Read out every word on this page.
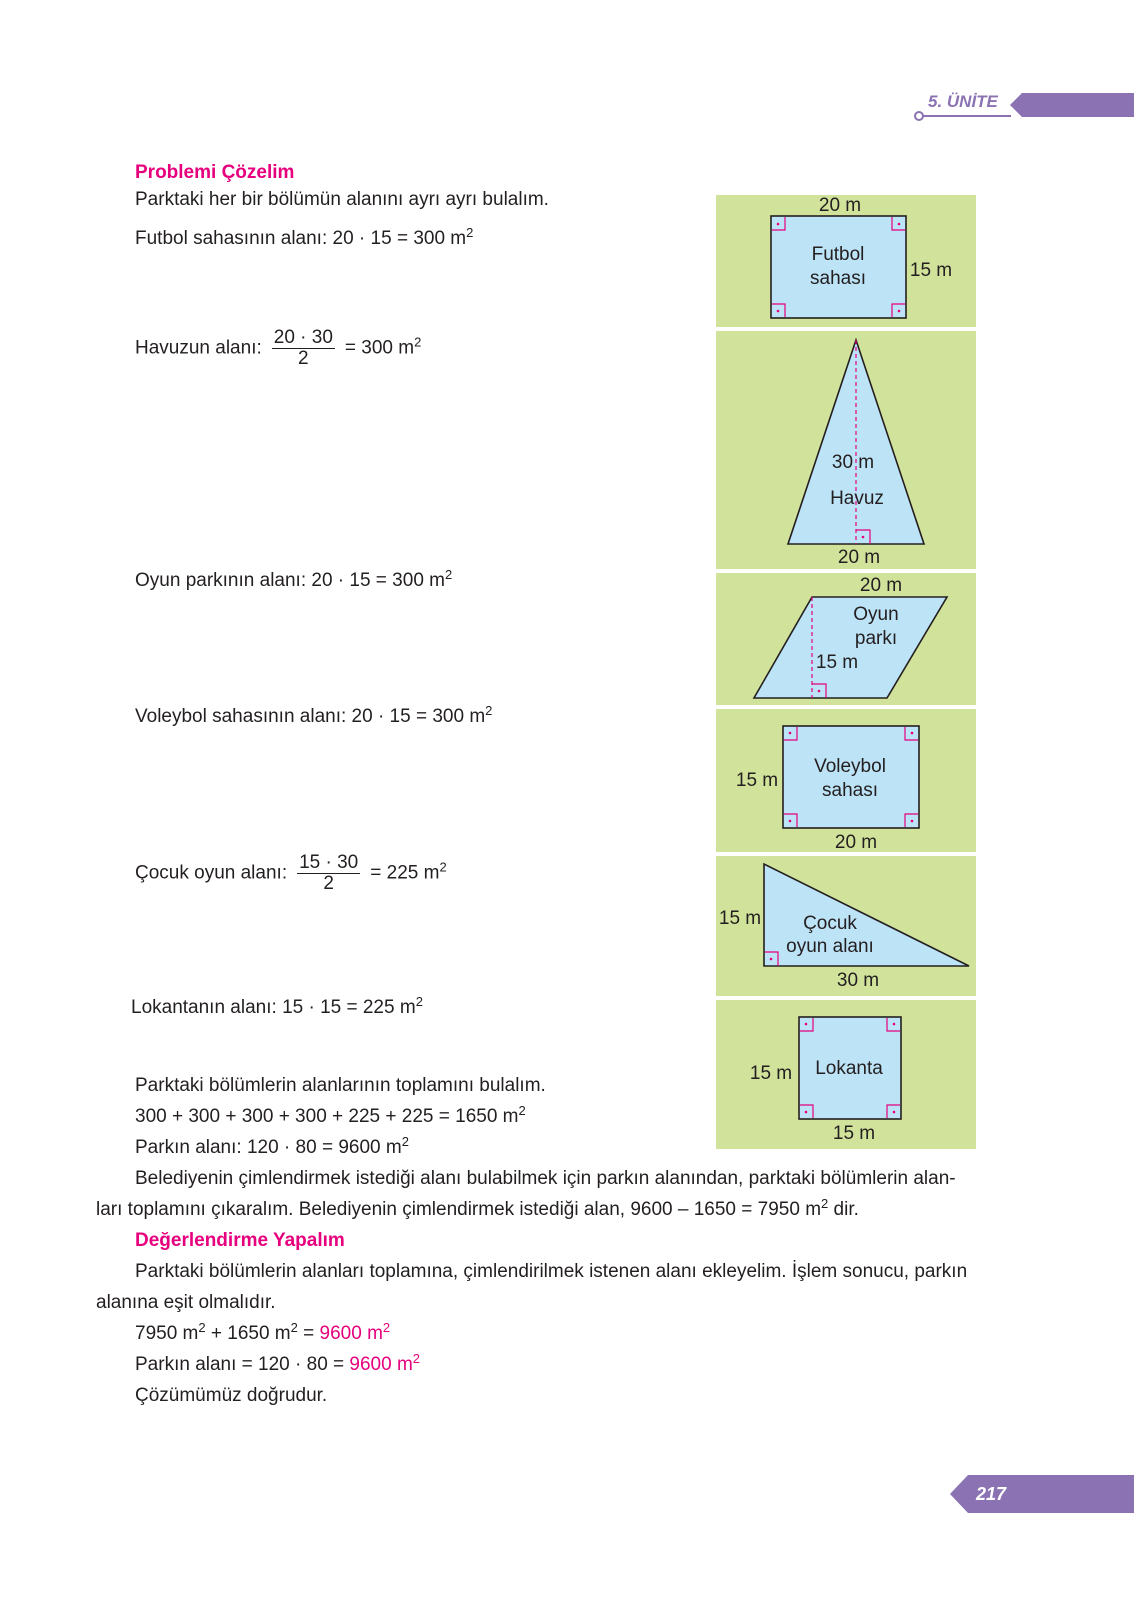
5. ÜNİTE
Problemi Çözelim
Parktaki her bir bölümün alanını ayrı ayrı bulalım.
Futbol sahasının alanı: 20 · 15 = 300 $m^2$
Havuzun alanı: $\frac{20 \cdot 30}{2} = 300$ $m^2$
Oyun parkının alanı: 20 · 15 = 300 $m^2$
Voleybol sahasının alanı: 20 · 15 = 300 $m^2$
Çocuk oyun alanı: $\frac{15 \cdot 30}{2} = 225$ $m^2$
Lokantanın alanı: 15 · 15 = 225 $m^2$
Parktaki bölümlerin alanlarının toplamını bulalım.
300 + 300 + 300 + 300 + 225 + 225 = 1650 $m^2$
Parkın alanı: 120 · 80 = 9600 $m^2$
Belediyenin çimlendirmek istediği alanı bulabilmek için parkın alanından, parktaki bölümlerin alan-
ları toplamını çıkaralım. Belediyenin çimlendirmek istediği alan, 9600 – 1650 = 7950 $m^2$ dir.
Değerlendirme Yapalım
Parktaki bölümlerin alanları toplamına, çimlendirilmek istenen alanı ekleyelim. İşlem sonucu, parkın
alanına eşit olmalıdır.
7950 $m^2 + 1650$ $m^2 = 9600$ $m^2$
Parkın alanı = 120 · 80 = 9600 $m^2$
Çözümümüz doğrudur.
20 m
15 m
Futbol
sahası
30 m
Havuz
20 m
20 m
Oyun
parkı
15 m
15 m
Voleybol
sahası
20 m
15 m Çocuk
oyun alanı
30 m
15 m Lokanta
15 m
217
